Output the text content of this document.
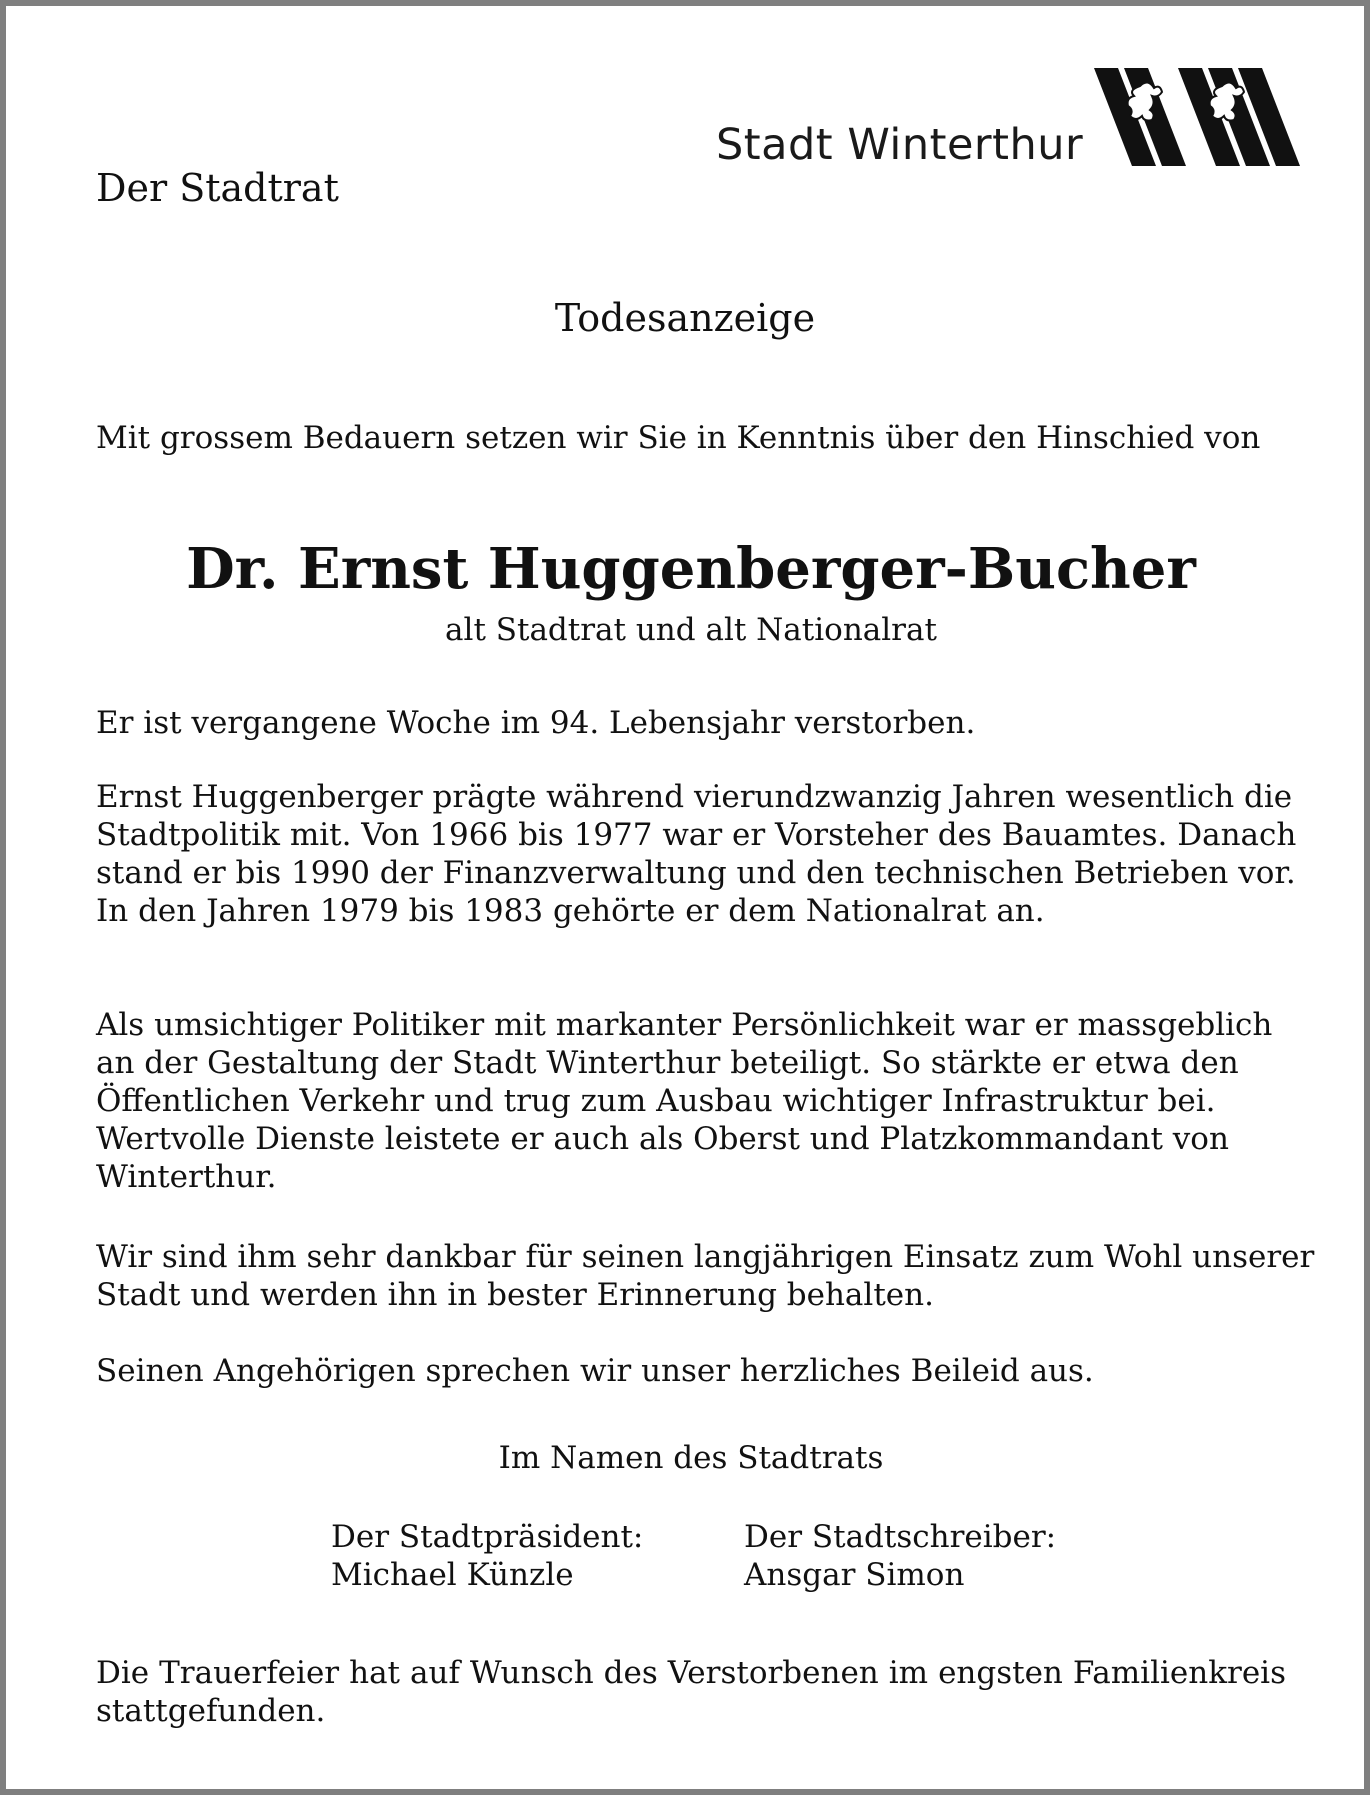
Stadt Winterthur
Der Stadtrat
Todesanzeige
Mit grossem Bedauern setzen wir Sie in Kenntnis über den Hinschied von
Dr. Ernst Huggenberger-Bucher
alt Stadtrat und alt Nationalrat

Er ist vergangene Woche im 94. Lebensjahr verstorben.

Ernst Huggenberger prägte während vierundzwanzig Jahren wesentlich die Stadtpolitik mit. Von 1966 bis 1977 war er Vorsteher des Bauamtes. Danach stand er bis 1990 der Finanzverwaltung und den technischen Betrieben vor. In den Jahren 1979 bis 1983 gehörte er dem Nationalrat an.

Als umsichtiger Politiker mit markanter Persönlichkeit war er massgeblich an der Gestaltung der Stadt Winterthur beteiligt. So stärkte er etwa den Öffentlichen Verkehr und trug zum Ausbau wichtiger Infrastruktur bei. Wertvolle Dienste leistete er auch als Oberst und Platzkommandant von Winterthur.

Wir sind ihm sehr dankbar für seinen langjährigen Einsatz zum Wohl unserer Stadt und werden ihn in bester Erinnerung behalten.

Seinen Angehörigen sprechen wir unser herzliches Beileid aus.

Im Namen des Stadtrats
Der Stadtpräsident:
Michael Künzle
Der Stadtschreiber:
Ansgar Simon

Die Trauerfeier hat auf Wunsch des Verstorbenen im engsten Familienkreis stattgefunden.
